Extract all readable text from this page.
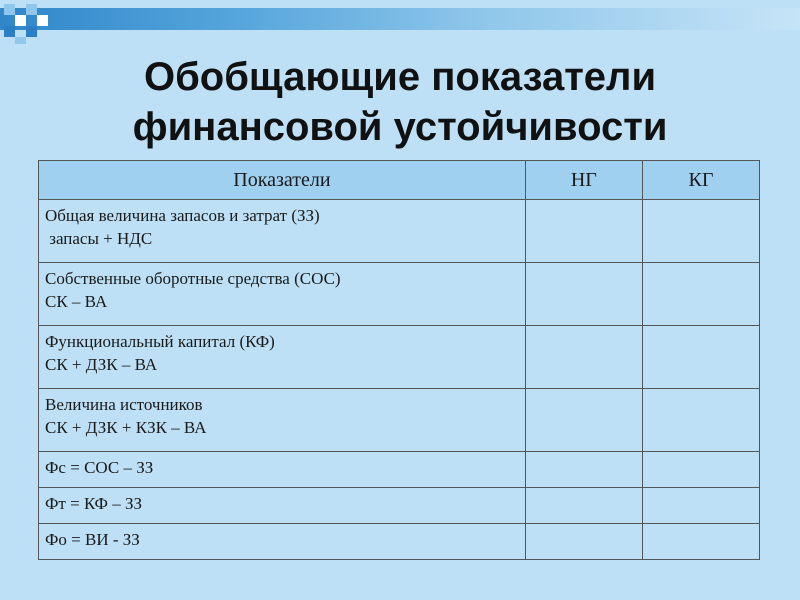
Обобщающие показатели
финансовой устойчивости
Показатели	НГ	КГ

Общая величина запасов и затрат (ЗЗ)
запасы + НДС		

Собственные оборотные средства (СОС)
СК – ВА		

Функциональный капитал (КФ)
СК + ДЗК – ВА		

Величина источников
СК + ДЗК + КЗК – ВА		

Фс = СОС – ЗЗ		

Фт = КФ – ЗЗ		

Фо = ВИ - ЗЗ		
